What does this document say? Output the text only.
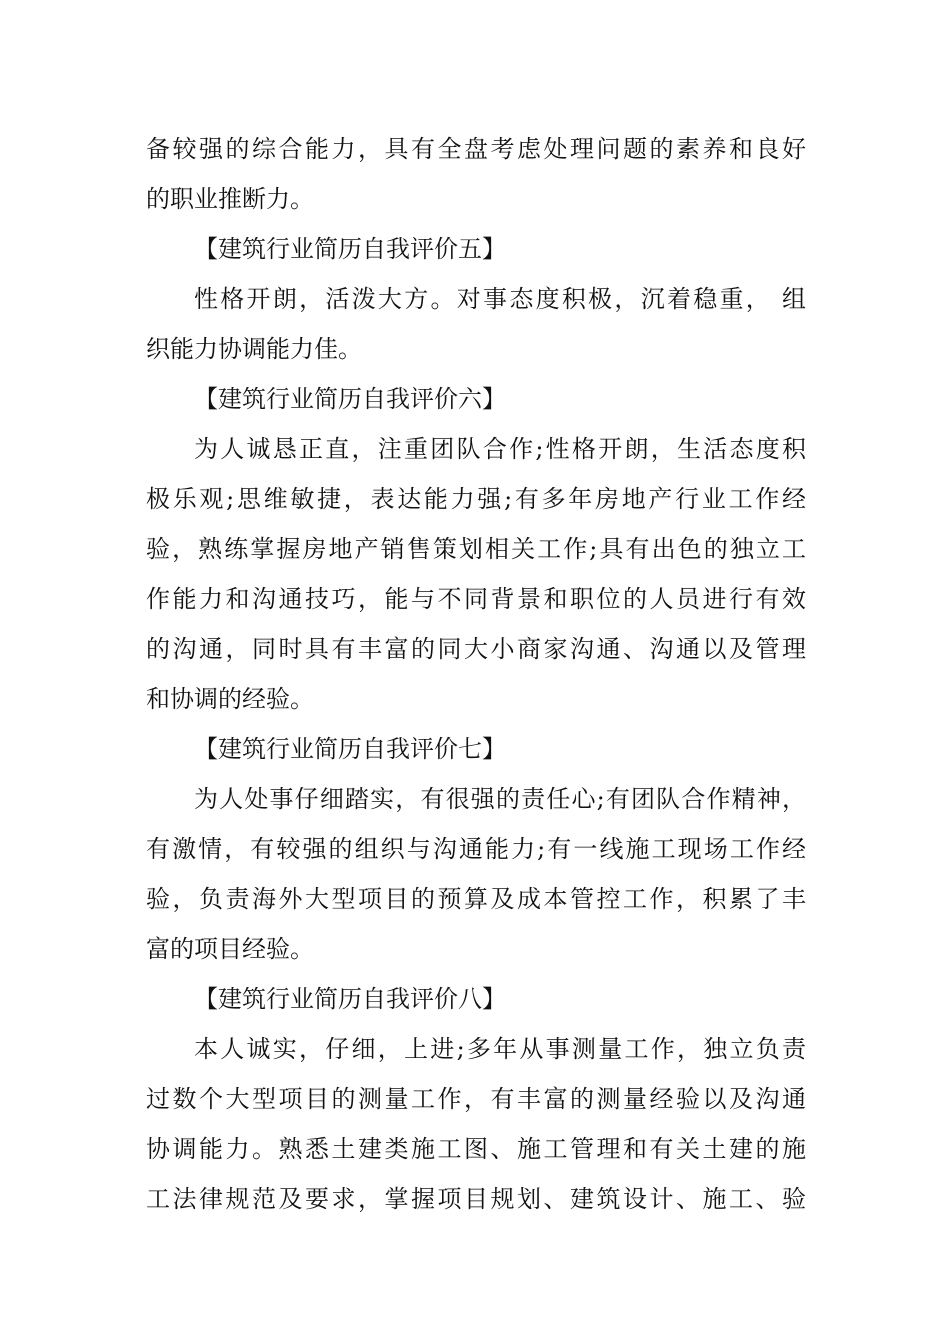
备较强的综合能力，具有全盘考虑处理问题的素养和良好
的职业推断力。
【建筑行业简历自我评价五】
性格开朗，活泼大方。对事态度积极，沉着稳重， 组
织能力协调能力佳。
【建筑行业简历自我评价六】
为人诚恳正直，注重团队合作;性格开朗，生活态度积
极乐观;思维敏捷，表达能力强;有多年房地产行业工作经
验，熟练掌握房地产销售策划相关工作;具有出色的独立工
作能力和沟通技巧，能与不同背景和职位的人员进行有效
的沟通，同时具有丰富的同大小商家沟通、沟通以及管理
和协调的经验。
【建筑行业简历自我评价七】
为人处事仔细踏实，有很强的责任心;有团队合作精神，
有激情，有较强的组织与沟通能力;有一线施工现场工作经
验，负责海外大型项目的预算及成本管控工作，积累了丰
富的项目经验。
【建筑行业简历自我评价八】
本人诚实，仔细，上进;多年从事测量工作，独立负责
过数个大型项目的测量工作，有丰富的测量经验以及沟通
协调能力。熟悉土建类施工图、施工管理和有关土建的施
工法律规范及要求，掌握项目规划、建筑设计、施工、验
